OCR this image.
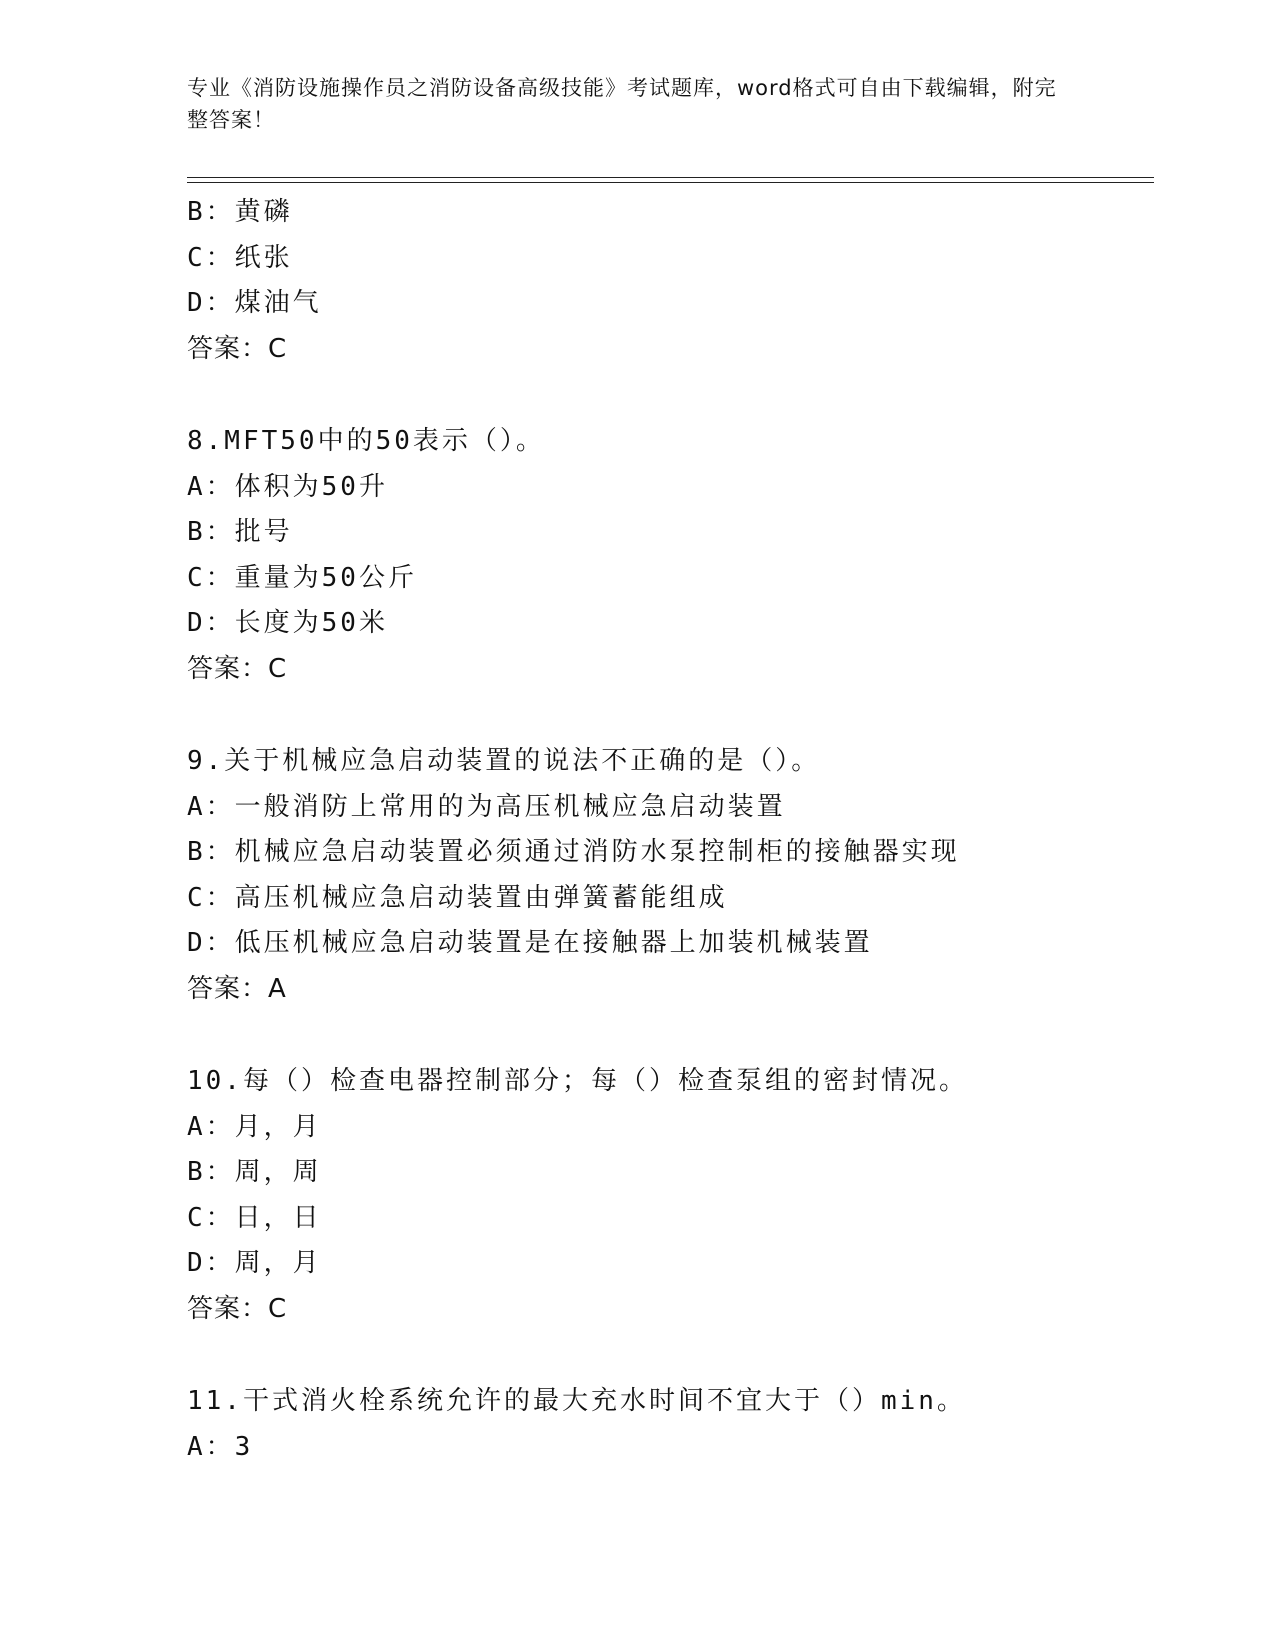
专业《消防设施操作员之消防设备高级技能》考试题库，word格式可自由下载编辑，附完整答案！
B：黄磷
C：纸张
D：煤油气
答案：C
8.MFT50中的50表示（）。
A：体积为50升
B：批号
C：重量为50公斤
D：长度为50米
答案：C
9.关于机械应急启动装置的说法不正确的是（）。
A：一般消防上常用的为高压机械应急启动装置
B：机械应急启动装置必须通过消防水泵控制柜的接触器实现
C：高压机械应急启动装置由弹簧蓄能组成
D：低压机械应急启动装置是在接触器上加装机械装置
答案：A
10.每（）检查电器控制部分；每（）检查泵组的密封情况。
A：月，月
B：周，周
C：日，日
D：周，月
答案：C
11.干式消火栓系统允许的最大充水时间不宜大于（）min。
A：3
